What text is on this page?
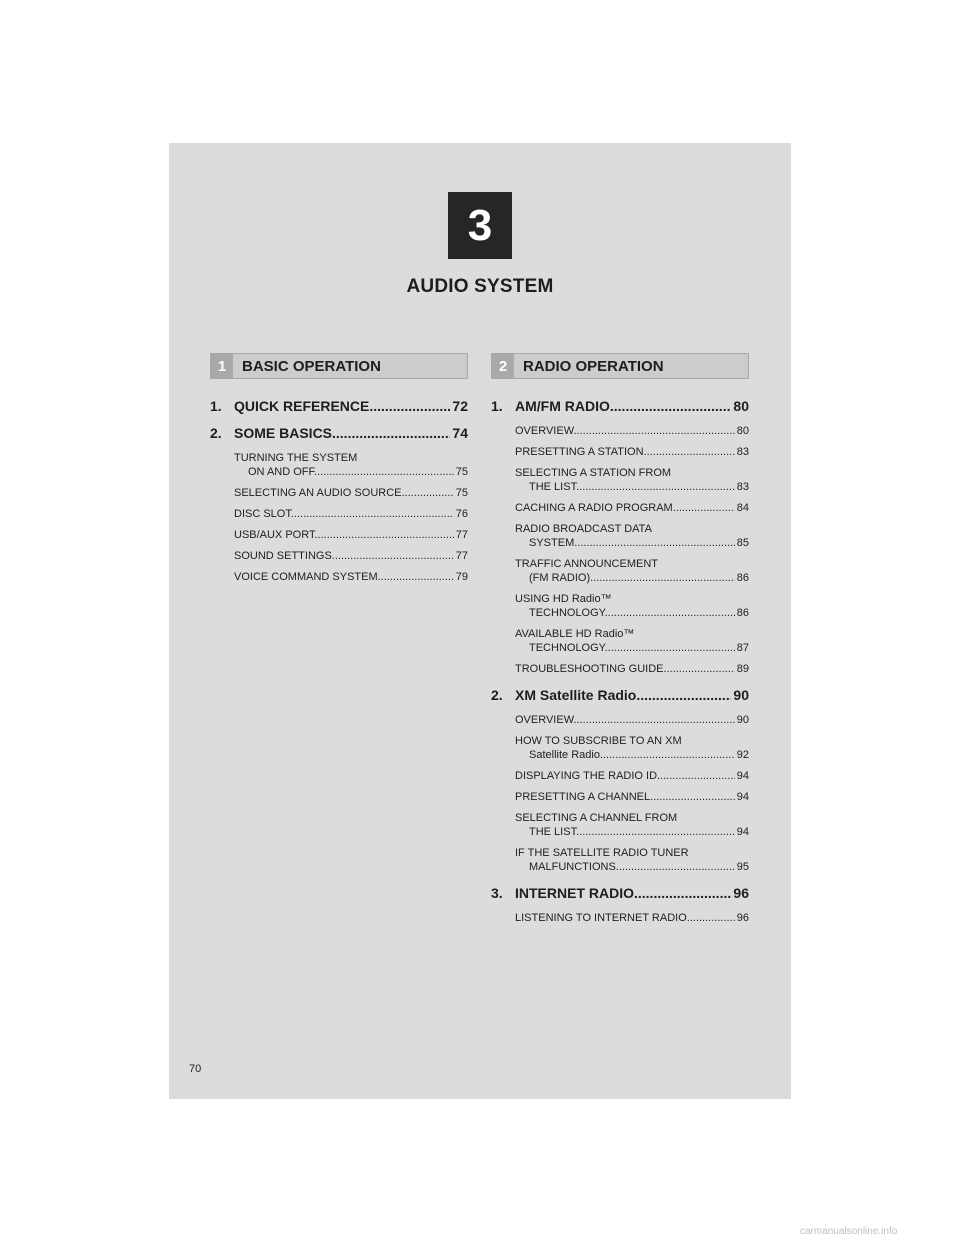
3
AUDIO SYSTEM
1	BASIC OPERATION
1. QUICK REFERENCE .....	72
2. SOME BASICS .....	74
TURNING THE SYSTEM
ON AND OFF .....	75
SELECTING AN AUDIO SOURCE .....	75
DISC SLOT .....	76
USB/AUX PORT .....	77
SOUND SETTINGS .....	77
VOICE COMMAND SYSTEM .....	79
2	RADIO OPERATION
1. AM/FM RADIO .....	80
OVERVIEW .....	80
PRESETTING A STATION .....	83
SELECTING A STATION FROM
THE LIST .....	83
CACHING A RADIO PROGRAM .....	84
RADIO BROADCAST DATA
SYSTEM .....	85
TRAFFIC ANNOUNCEMENT
(FM RADIO) .....	86
USING HD Radio™
TECHNOLOGY .....	86
AVAILABLE HD Radio™
TECHNOLOGY .....	87
TROUBLESHOOTING GUIDE .....	89
2. XM Satellite Radio .....	90
OVERVIEW .....	90
HOW TO SUBSCRIBE TO AN XM
Satellite Radio .....	92
DISPLAYING THE RADIO ID .....	94
PRESETTING A CHANNEL .....	94
SELECTING A CHANNEL FROM
THE LIST .....	94
IF THE SATELLITE RADIO TUNER
MALFUNCTIONS .....	95
3. INTERNET RADIO .....	96
LISTENING TO INTERNET RADIO .....	96
70
carmanualsonline.info
